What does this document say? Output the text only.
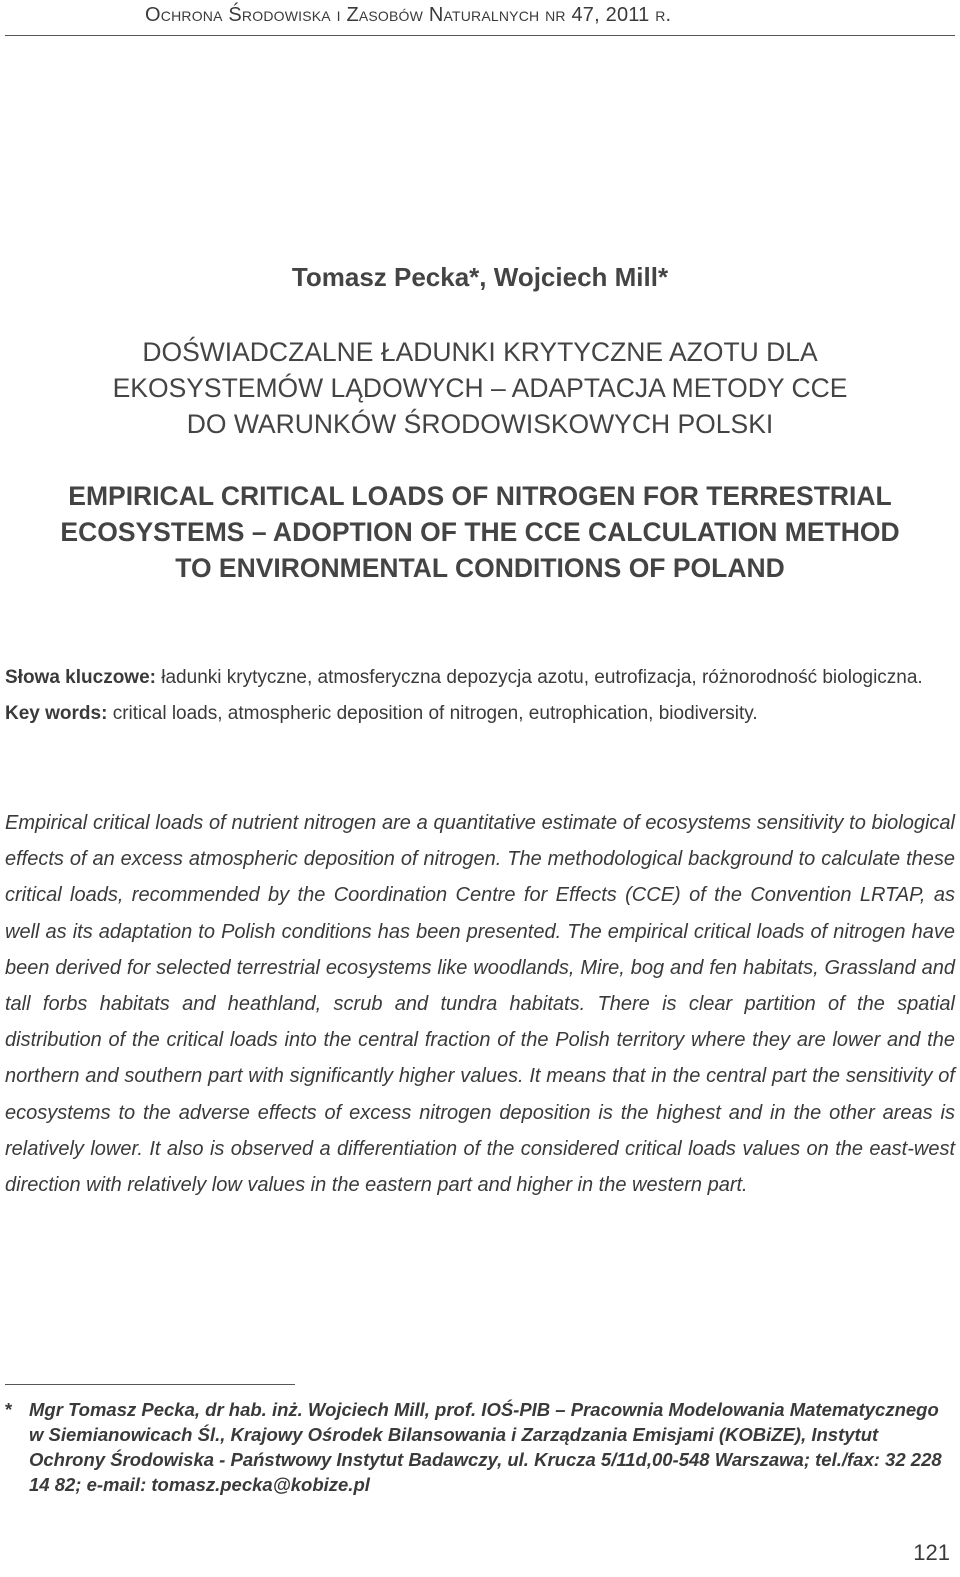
Ochrona Środowiska i Zasobów Naturalnych nr 47, 2011 r.
Tomasz Pecka*, Wojciech Mill*
DOŚWIADCZALNE ŁADUNKI KRYTYCZNE AZOTU DLA
EKOSYSTEMÓW LĄDOWYCH – ADAPTACJA METODY CCE
DO WARUNKÓW ŚRODOWISKOWYCH POLSKI
EMPIRICAL CRITICAL LOADS OF NITROGEN FOR TERRESTRIAL
ECOSYSTEMS – ADOPTION OF THE CCE CALCULATION METHOD
TO ENVIRONMENTAL CONDITIONS OF POLAND

Słowa kluczowe: ładunki krytyczne, atmosferyczna depozycja azotu, eutrofizacja, różnorodność biologiczna.

Key words: critical loads, atmospheric deposition of nitrogen, eutrophication, biodiversity.

Empirical critical loads of nutrient nitrogen are a quantitative estimate of ecosystems sensitivity to biological effects of an excess atmospheric deposition of nitrogen. The methodological background to calculate these critical loads, recommended by the Coordination Centre for Effects (CCE) of the Convention LRTAP, as well as its adaptation to Polish conditions has been presented. The empirical critical loads of nitrogen have been derived for selected terrestrial ecosystems like woodlands, Mire, bog and fen habitats, Grassland and tall forbs habitats and heathland, scrub and tundra habitats. There is clear partition of the spatial distribution of the critical loads into the central fraction of the Polish territory where they are lower and the northern and southern part with significantly higher values. It means that in the central part the sensitivity of ecosystems to the adverse effects of excess nitrogen deposition is the highest and in the other areas is relatively lower. It also is observed a differentiation of the considered critical loads values on the east-west direction with relatively low values in the eastern part and higher in the western part.

* Mgr Tomasz Pecka, dr hab. inż. Wojciech Mill, prof. IOŚ-PIB – Pracownia Modelowania Matematycznego w Siemianowicach Śl., Krajowy Ośrodek Bilansowania i Zarządzania Emisjami (KOBiZE), Instytut Ochrony Środowiska - Państwowy Instytut Badawczy, ul. Krucza 5/11d,00-548 Warszawa; tel./fax: 32 228 14 82; e-mail: tomasz.pecka@kobize.pl
121
